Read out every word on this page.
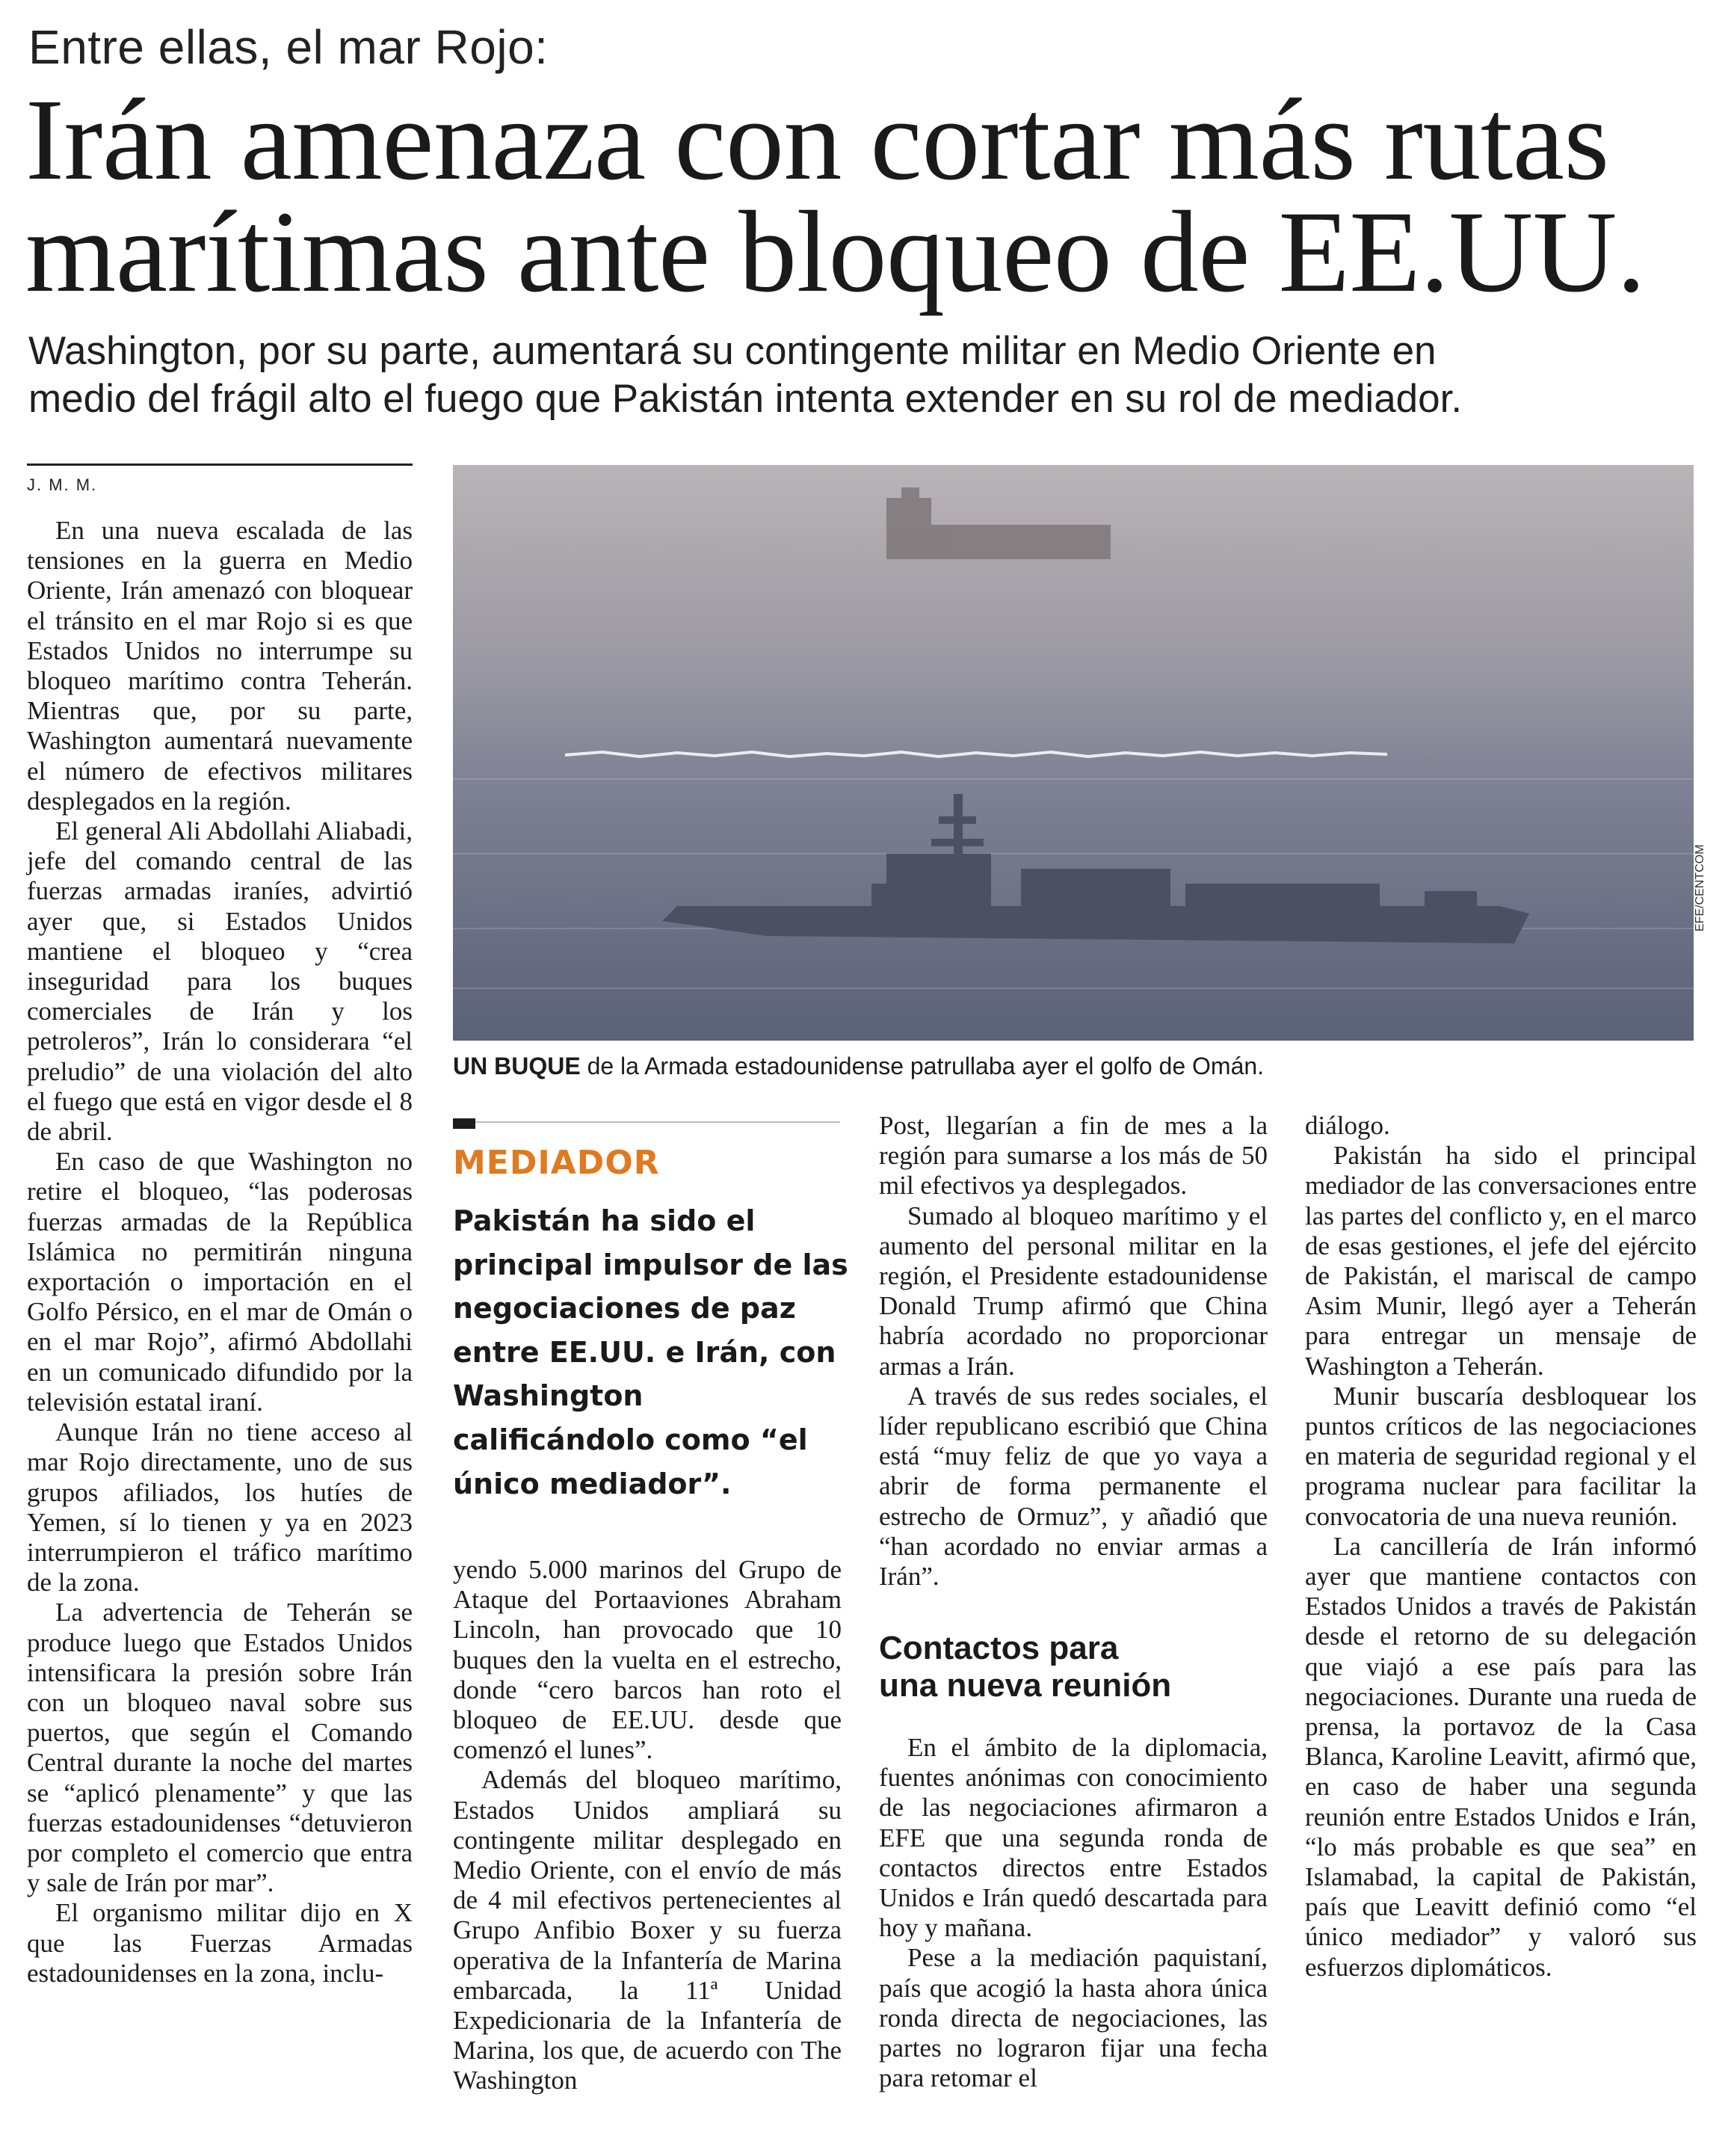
Entre ellas, el mar Rojo:
Irán amenaza con cortar más rutas
marítimas ante bloqueo de EE.UU.
Washington, por su parte, aumentará su contingente militar en Medio Oriente en
medio del frágil alto el fuego que Pakistán intenta extender en su rol de mediador.
J. M. M.

En una nueva escalada de las tensiones en la guerra en Medio Oriente, Irán amenazó con bloquear el tránsito en el mar Rojo si es que Estados Unidos no interrumpe su bloqueo marítimo contra Teherán. Mientras que, por su parte, Washington aumentará nuevamente el número de efectivos militares desplegados en la región.

El general Ali Abdollahi Aliabadi, jefe del comando central de las fuerzas armadas iraníes, advirtió ayer que, si Estados Unidos mantiene el bloqueo y “crea inseguridad para los buques comerciales de Irán y los petroleros”, Irán lo considerara “el preludio” de una violación del alto el fuego que está en vigor desde el 8 de abril.

En caso de que Washington no retire el bloqueo, “las poderosas fuerzas armadas de la República Islámica no permitirán ninguna exportación o importación en el Golfo Pérsico, en el mar de Omán o en el mar Rojo”, afirmó Abdollahi en un comunicado difundido por la televisión estatal iraní.

Aunque Irán no tiene acceso al mar Rojo directamente, uno de sus grupos afiliados, los hutíes de Yemen, sí lo tienen y ya en 2023 interrumpieron el tráfico marítimo de la zona.

La advertencia de Teherán se produce luego que Estados Unidos intensificara la presión sobre Irán con un bloqueo naval sobre sus puertos, que según el Comando Central durante la noche del martes se “aplicó plenamente” y que las fuerzas estadounidenses “detuvieron por completo el comercio que entra y sale de Irán por mar”.

El organismo militar dijo en X que las Fuerzas Armadas estadounidenses en la zona, inclu-

EFE/CENTCOM
UN BUQUE de la Armada estadounidense patrullaba ayer el golfo de Omán.
MEDIADOR
Pakistán ha sido el
principal impulsor de las
negociaciones de paz
entre EE.UU. e Irán, con
Washington
calificándolo como “el
único mediador”.

yendo 5.000 marinos del Grupo de Ataque del Portaaviones Abraham Lincoln, han provocado que 10 buques den la vuelta en el estrecho, donde “cero barcos han roto el bloqueo de EE.UU. desde que comenzó el lunes”.

Además del bloqueo marítimo, Estados Unidos ampliará su contingente militar desplegado en Medio Oriente, con el envío de más de 4 mil efectivos pertenecientes al Grupo Anfibio Boxer y su fuerza operativa de la Infantería de Marina embarcada, la 11ª Unidad Expedicionaria de la Infantería de Marina, los que, de acuerdo con The Washington

Post, llegarían a fin de mes a la región para sumarse a los más de 50 mil efectivos ya desplegados.

Sumado al bloqueo marítimo y el aumento del personal militar en la región, el Presidente estadounidense Donald Trump afirmó que China habría acordado no proporcionar armas a Irán.

A través de sus redes sociales, el líder republicano escribió que China está “muy feliz de que yo vaya a abrir de forma permanente el estrecho de Ormuz”, y añadió que “han acordado no enviar armas a Irán”.

Contactos para
una nueva reunión

En el ámbito de la diplomacia, fuentes anónimas con conocimiento de las negociaciones afirmaron a EFE que una segunda ronda de contactos directos entre Estados Unidos e Irán quedó descartada para hoy y mañana.

Pese a la mediación paquistaní, país que acogió la hasta ahora única ronda directa de negociaciones, las partes no lograron fijar una fecha para retomar el

diálogo.

Pakistán ha sido el principal mediador de las conversaciones entre las partes del conflicto y, en el marco de esas gestiones, el jefe del ejército de Pakistán, el mariscal de campo Asim Munir, llegó ayer a Teherán para entregar un mensaje de Washington a Teherán.

Munir buscaría desbloquear los puntos críticos de las negociaciones en materia de seguridad regional y el programa nuclear para facilitar la convocatoria de una nueva reunión.

La cancillería de Irán informó ayer que mantiene contactos con Estados Unidos a través de Pakistán desde el retorno de su delegación que viajó a ese país para las negociaciones. Durante una rueda de prensa, la portavoz de la Casa Blanca, Karoline Leavitt, afirmó que, en caso de haber una segunda reunión entre Estados Unidos e Irán, “lo más probable es que sea” en Islamabad, la capital de Pakistán, país que Leavitt definió como “el único mediador” y valoró sus esfuerzos diplomáticos.
